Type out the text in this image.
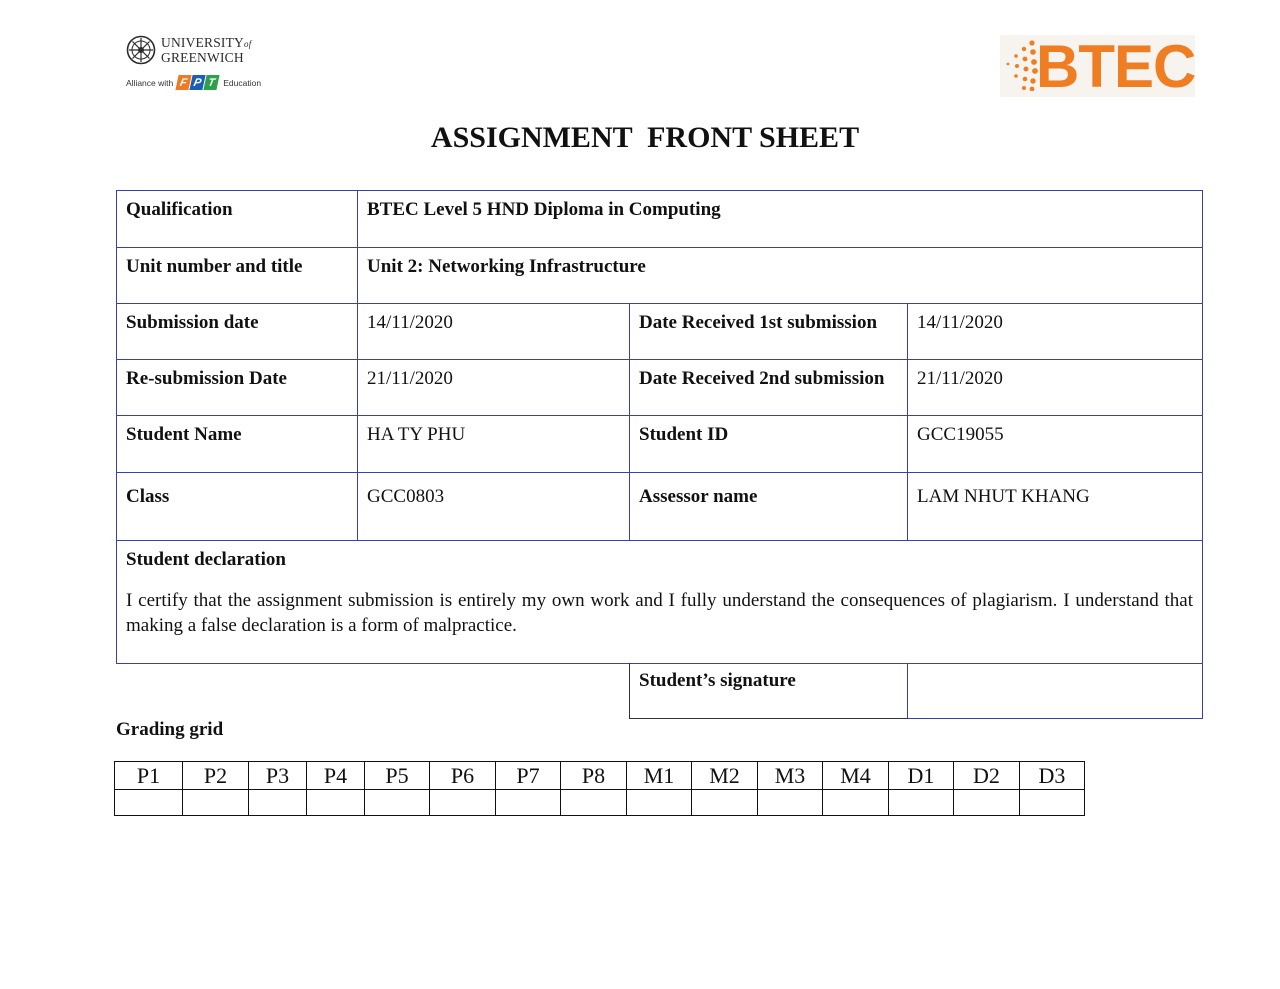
UNIVERSITYof
GREENWICH
Alliance with F P T Education	BTEC
ASSIGNMENT  FRONT SHEET
Qualification	BTEC Level 5 HND Diploma in Computing		
Unit number and title	Unit 2: Networking Infrastructure		
Submission date	14/11/2020	Date Received 1st submission	14/11/2020
Re-submission Date	21/11/2020	Date Received 2nd submission	21/11/2020
Student Name	HA TY PHU	Student ID	GCC19055
Class	GCC0803	Assessor name	LAM NHUT KHANG

Student declaration
I certify that the assignment submission is entirely my own work and I fully understand the consequences of plagiarism. I understand that making a false declaration is a form of malpractice.			
Student’s signature	
Grading grid
P1	P2	P3	P4	P5	P6	P7	P8	M1	M2	M3	M4	D1	D2	D3
